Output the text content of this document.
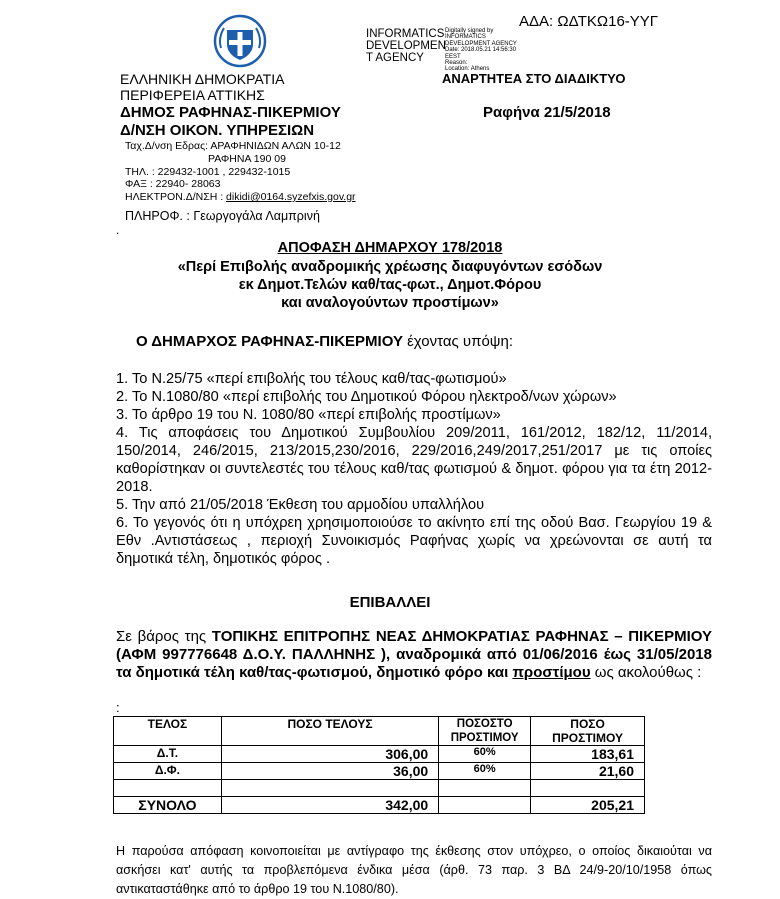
ΑΔΑ: ΩΔΤΚΩ16-ΥΥΓ
INFORMATICS
DEVELOPMEN
T AGENCY
Digitally signed by
INFORMATICS
DEVELOPMENT AGENCY
Date: 2018.05.21 14:56:30
EEST
Reason:
Location: Athens
ΑΝΑΡΤΗΤΕΑ ΣΤΟ ΔΙΑΔΙΚΤΥΟ
ΕΛΛΗΝΙΚΗ ΔΗΜΟΚΡΑΤΙΑ
ΠΕΡΙΦΕΡΕΙΑ ΑΤΤΙΚΗΣ
ΔΗΜΟΣ ΡΑΦΗΝΑΣ-ΠΙΚΕΡΜΙΟΥ
Δ/ΝΣΗ ΟΙΚΟΝ. ΥΠΗΡΕΣΙΩΝ
Ραφήνα 21/5/2018
Ταχ.Δ/νση Εδρας: ΑΡΑΦΗΝΙΔΩΝ ΑΛΩΝ 10-12
ΡΑΦΗΝΑ 190 09
ΤΗΛ. : 229432-1001 , 229432-1015
ΦΑΞ : 22940- 28063
ΗΛΕΚΤΡΟΝ.Δ/ΝΣΗ : dikidi@0164.syzefxis.gov.gr
ΠΛΗΡΟΦ. : Γεωργογάλα Λαμπρινή
.
ΑΠΟΦΑΣΗ ΔΗΜΑΡΧΟΥ 178/2018
«Περί Επιβολής αναδρομικής χρέωσης διαφυγόντων εσόδων
εκ Δημοτ.Τελών καθ/τας-φωτ., Δημοτ.Φόρου
και αναλογούντων προστίμων»
Ο ΔΗΜΑΡΧΟΣ ΡΑΦΗΝΑΣ-ΠΙΚΕΡΜΙΟΥ έχοντας υπόψη:

1. Το Ν.25/75 «περί επιβολής του τέλους καθ/τας-φωτισμού»

2. Το Ν.1080/80 «περί επιβολής του Δημοτικού Φόρου ηλεκτροδ/νων χώρων»

3. Το άρθρο 19 του Ν. 1080/80 «περί επιβολής προστίμων»

4. Τις αποφάσεις του Δημοτικού Συμβουλίου 209/2011, 161/2012, 182/12, 11/2014, 150/2014, 246/2015, 213/2015,230/2016, 229/2016,249/2017,251/2017 με τις οποίες καθορίστηκαν οι συντελεστές του τέλους καθ/τας φωτισμού & δημοτ. φόρου για τα έτη 2012-2018.

5. Την από 21/05/2018 Έκθεση του αρμοδίου υπαλλήλου

6. Το γεγονός ότι η υπόχρεη χρησιμοποιούσε το ακίνητο επί της οδού Βασ. Γεωργίου 19 & Εθν .Αντιστάσεως , περιοχή Συνοικισμός Ραφήνας χωρίς να χρεώνονται σε αυτή τα δημοτικά τέλη, δημοτικός φόρος .

ΕΠΙΒΑΛΛΕΙ
Σε βάρος της ΤΟΠΙΚΗΣ ΕΠΙΤΡΟΠΗΣ ΝΕΑΣ ΔΗΜΟΚΡΑΤΙΑΣ ΡΑΦΗΝΑΣ – ΠΙΚΕΡΜΙΟΥ (ΑΦΜ 997776648 Δ.Ο.Υ. ΠΑΛΛΗΝΗΣ ), αναδρομικά από 01/06/2016 έως 31/05/2018 τα δημοτικά τέλη καθ/τας-φωτισμού, δημοτικό φόρο και προστίμου ως ακολούθως :
:
ΤΕΛΟΣ	ΠΟΣΟ ΤΕΛΟΥΣ	ΠΟΣΟΣΤΟ ΠΡΟΣΤΙΜΟΥ	ΠΟΣΟ ΠΡΟΣΤΙΜΟΥ
Δ.Τ.	306,00	60%	183,61
Δ.Φ.	36,00	60%	21,60

ΣΥΝΟΛΟ	342,00		205,21
Η παρούσα απόφαση κοινοποιείται με αντίγραφο της έκθεσης στον υπόχρεο, ο οποίος δικαιούται να ασκήσει κατ' αυτής τα προβλεπόμενα ένδικα μέσα (άρθ. 73 παρ. 3 ΒΔ 24/9-20/10/1958 όπως αντικαταστάθηκε από το άρθρο 19 του Ν.1080/80).
